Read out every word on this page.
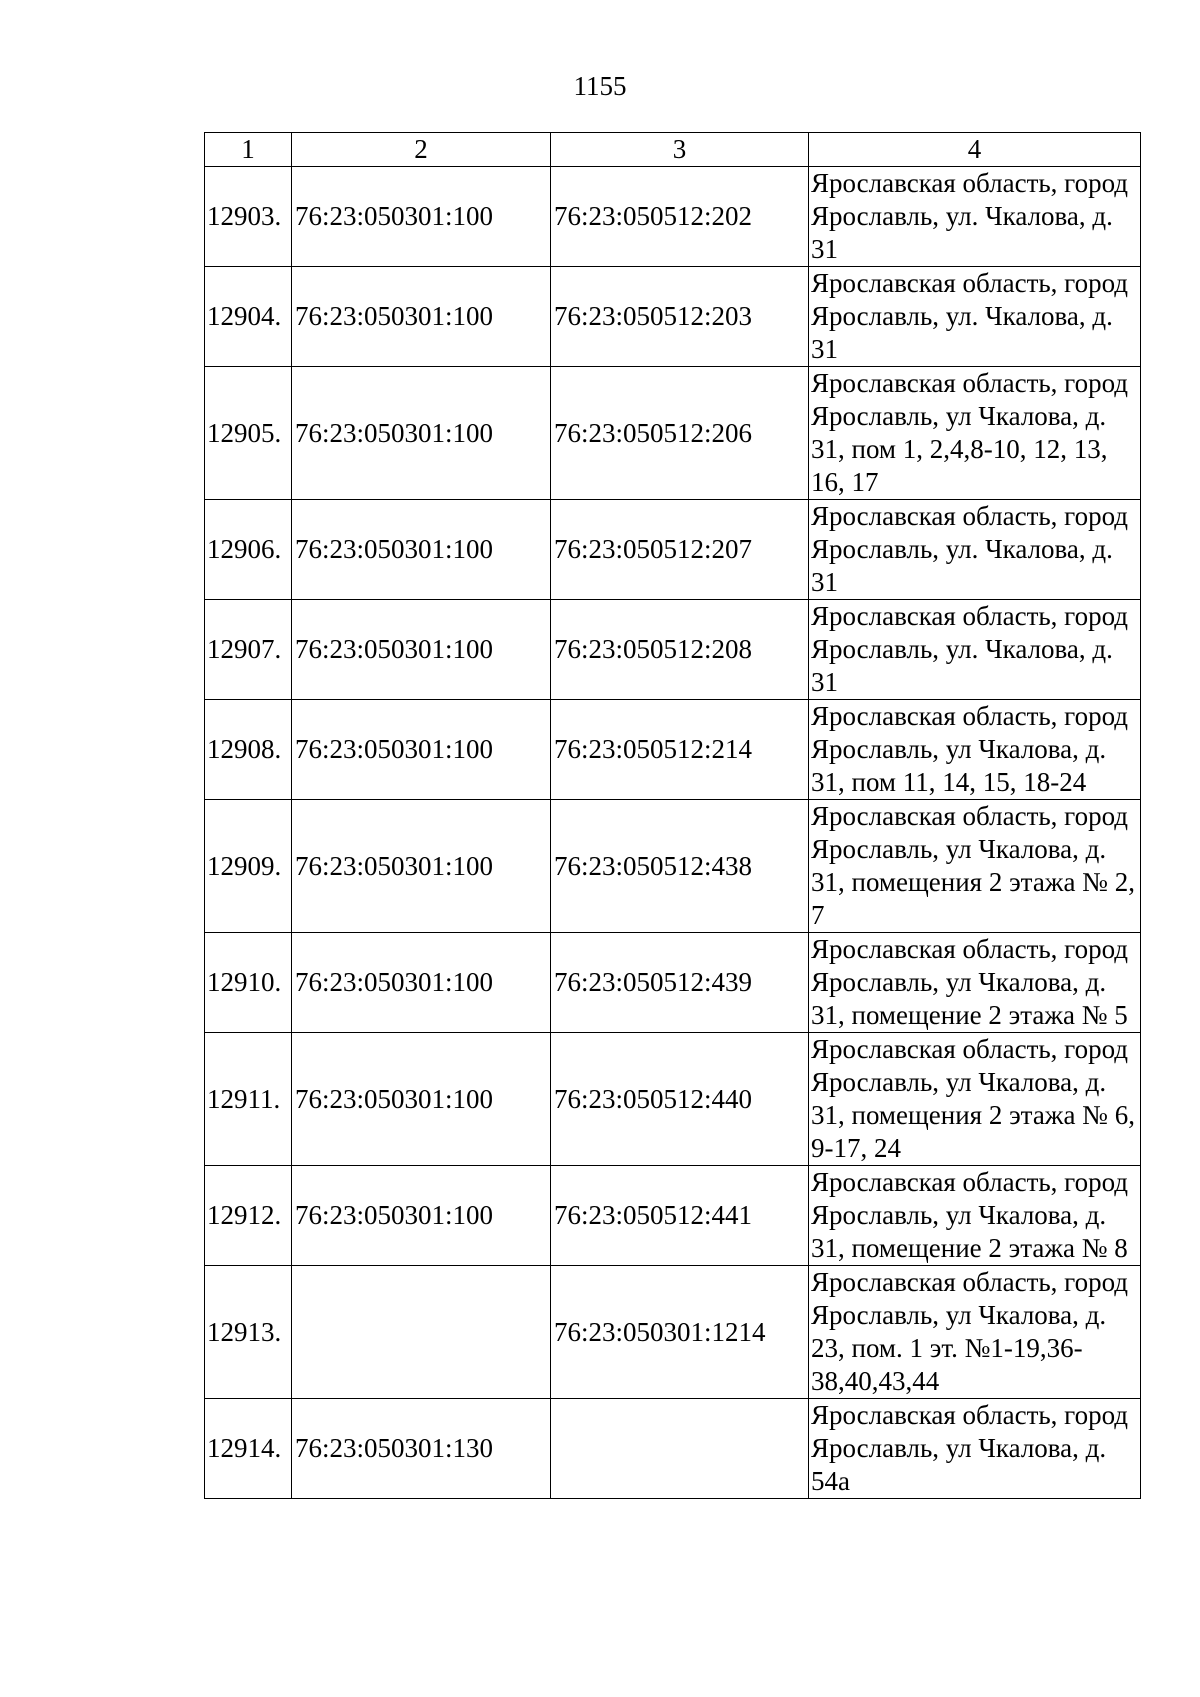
1155
1	2	3	4
12903.	76:23:050301:100	76:23:050512:202	Ярославская область, город Ярославль, ул. Чкалова, д. 31
12904.	76:23:050301:100	76:23:050512:203	Ярославская область, город Ярославль, ул. Чкалова, д. 31
12905.	76:23:050301:100	76:23:050512:206	Ярославская область, город Ярославль, ул Чкалова, д. 31, пом 1, 2,4,8-10, 12, 13, 16, 17
12906.	76:23:050301:100	76:23:050512:207	Ярославская область, город Ярославль, ул. Чкалова, д. 31
12907.	76:23:050301:100	76:23:050512:208	Ярославская область, город Ярославль, ул. Чкалова, д. 31
12908.	76:23:050301:100	76:23:050512:214	Ярославская область, город Ярославль, ул Чкалова, д. 31, пом 11, 14, 15, 18-24
12909.	76:23:050301:100	76:23:050512:438	Ярославская область, город Ярославль, ул Чкалова, д. 31, помещения 2 этажа № 2, 7
12910.	76:23:050301:100	76:23:050512:439	Ярославская область, город Ярославль, ул Чкалова, д. 31, помещение 2 этажа № 5
12911.	76:23:050301:100	76:23:050512:440	Ярославская область, город Ярославль, ул Чкалова, д. 31, помещения 2 этажа № 6, 9-17, 24
12912.	76:23:050301:100	76:23:050512:441	Ярославская область, город Ярославль, ул Чкалова, д. 31, помещение 2 этажа № 8
12913.		76:23:050301:1214	Ярославская область, город Ярославль, ул Чкалова, д. 23, пом. 1 эт. №1-19,36-38,40,43,44
12914.	76:23:050301:130		Ярославская область, город Ярославль, ул Чкалова, д. 54а
